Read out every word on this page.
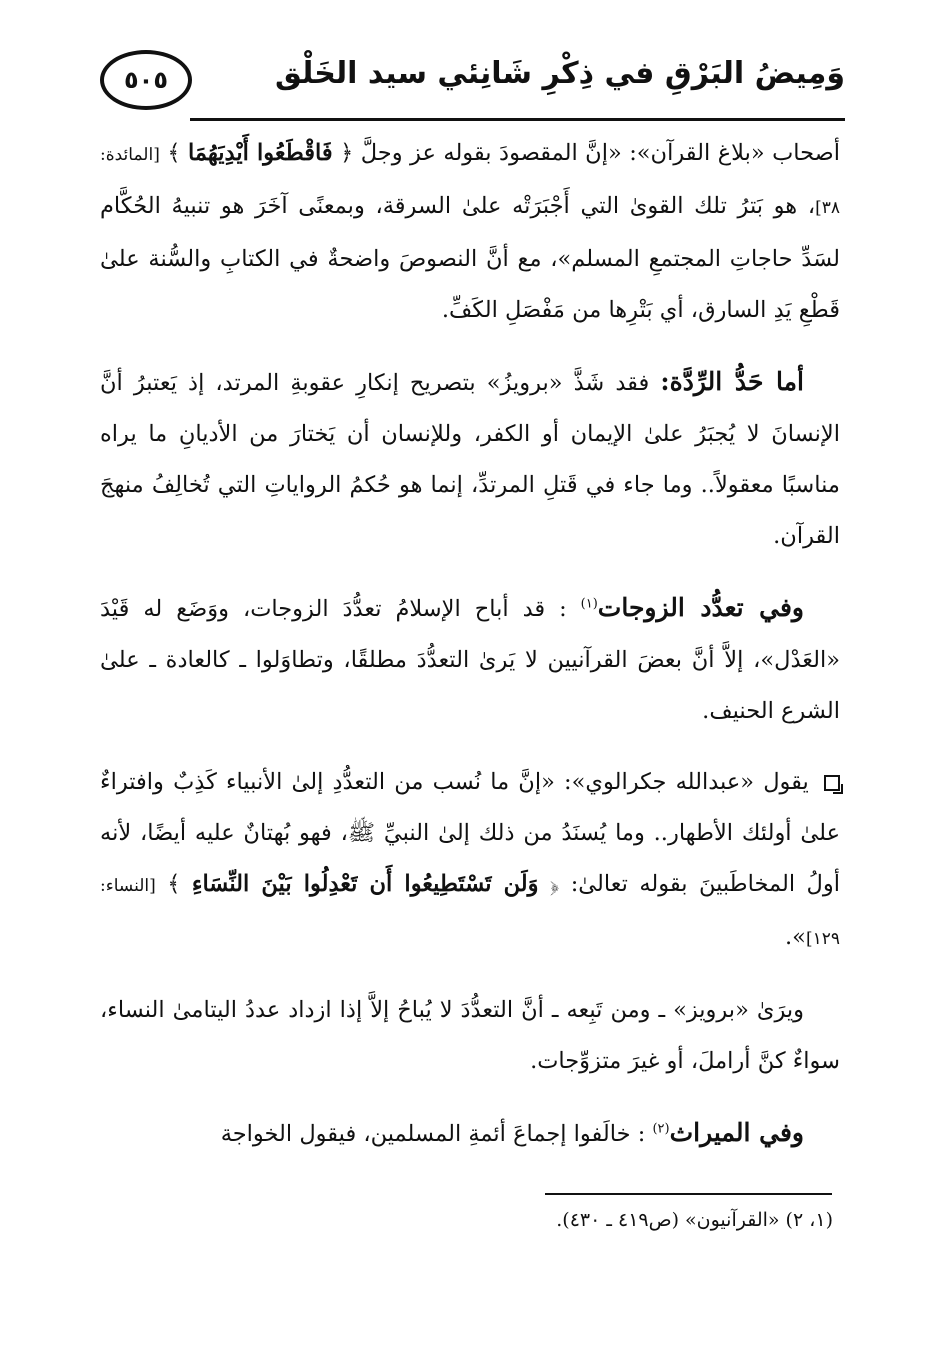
٥٠٥	وَمِيضُ البَرْقِ في ذِكْرِ شَانِئي سيد الخَلْق

أصحاب «بلاغ القرآن»: «إنَّ المقصودَ بقوله عز وجلَّ ﴿ فَاقْطَعُوا أَيْدِيَهُمَا ﴾ [المائدة: ٣٨]، هو بَترُ تلك القوىٰ التي أَجْبَرَتْه علىٰ السرقة، وبمعنًى آخَرَ هو تنبيهُ الحُكَّام لسَدِّ حاجاتِ المجتمعِ المسلم»، مع أنَّ النصوصَ واضحةٌ في الكتابِ والسُّنة علىٰ قَطْعِ يَدِ السارق، أي بَتْرِها من مَفْصَلِ الكَفِّ.

أما حَدُّ الرِّدَّة: فقد شَذَّ «برويزُ» بتصريح إنكارِ عقوبةِ المرتد، إذ يَعتبرُ أنَّ الإنسانَ لا يُجبَرُ علىٰ الإيمان أو الكفر، وللإنسان أن يَختارَ من الأديانِ ما يراه مناسبًا معقولاً.. وما جاء في قَتلِ المرتدِّ، إنما هو حُكمُ الرواياتِ التي تُخالِفُ منهجَ القرآن.

وفي تعدُّد الزوجات$^{(١)}$ : قد أباح الإسلامُ تعدُّدَ الزوجات، ووَضَع له قَيْدَ «العَدْل»، إلاَّ أنَّ بعضَ القرآنيين لا يَرىٰ التعدُّدَ مطلقًا، وتطاوَلوا ـ كالعادة ـ علىٰ الشرع الحنيف.

يقول «عبدالله جكرالوي»: «إنَّ ما نُسب من التعدُّدِ إلىٰ الأنبياء كَذِبٌ وافتراءٌ علىٰ أولئك الأطهار.. وما يُسنَدُ من ذلك إلىٰ النبيِّ ﷺ، فهو بُهتانٌ عليه أيضًا، لأنه أولُ المخاطَبينَ بقوله تعالىٰ: ﴿ وَلَن تَسْتَطِيعُوا أَن تَعْدِلُوا بَيْنَ النِّسَاءِ ﴾ [النساء: ١٢٩]».

ويرَىٰ «برويز» ـ ومن تَبِعه ـ أنَّ التعدُّدَ لا يُباحُ إلاَّ إذا ازداد عددُ اليتامىٰ النساء، سواءٌ كنَّ أراملَ، أو غيرَ متزوِّجات.

وفي الميراث$^{(٢)}$ : خالَفوا إجماعَ أئمةِ المسلمين، فيقول الخواجة

(١، ٢) «القرآنيون» (ص٤١٩ ـ ٤٣٠).
